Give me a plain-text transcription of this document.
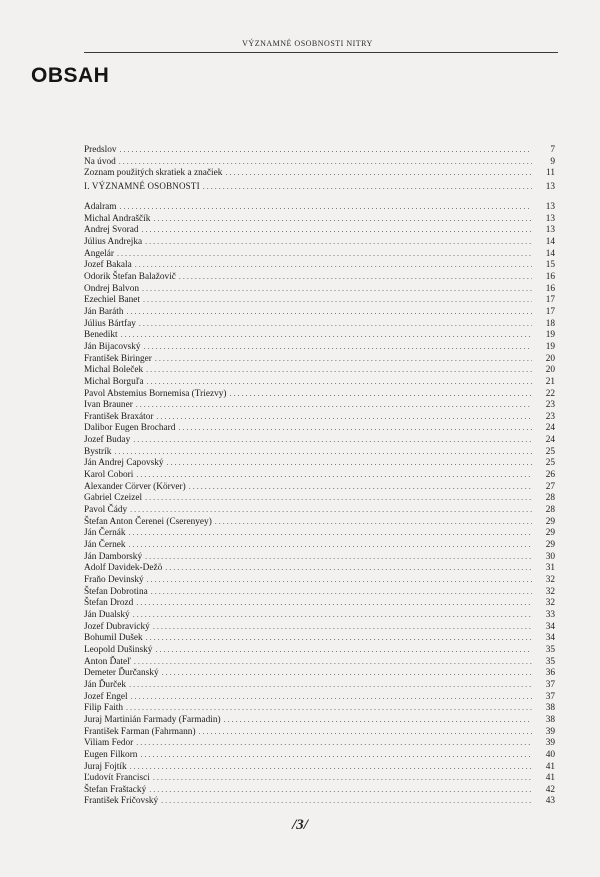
VÝZNAMNÉ OSOBNOSTI NITRY
OBSAH
Predslov . . .	7
Na úvod . . .	9
Zoznam použitých skratiek a značiek . . .	11
I. VÝZNAMNÉ OSOBNOSTI . . .	13
Adalram . . .	13
Michal Andraščík . . .	13
Andrej Svorad . . .	13
Július Andrejka . . .	14
Angelár . . .	14
Jozef Bakala . . .	15
Odorik Štefan Balažovič . . .	16
Ondrej Balvon . . .	16
Ezechiel Banet . . .	17
Ján Baráth . . .	17
Július Bártfay . . .	18
Benedikt . . .	19
Ján Bijacovský . . .	19
František Biringer . . .	20
Michal Boleček . . .	20
Michal Borguľa . . .	21
Pavol Abstemius Bornemisa (Triezvy) . . .	22
Ivan Brauner . . .	23
František Braxátor . . .	23
Dalibor Eugen Brochard . . .	24
Jozef Buday . . .	24
Bystrík . . .	25
Ján Andrej Capovský . . .	25
Karol Cobori . . .	26
Alexander Cörver (Körver) . . .	27
Gabriel Czeizel . . .	28
Pavol Čády . . .	28
Štefan Anton Čerenei (Cserenyey) . . .	29
Ján Černák . . .	29
Ján Černek . . .	29
Ján Damborský . . .	30
Adolf Davidek-Dežö . . .	31
Fraňo Devinský . . .	32
Štefan Dobrotina . . .	32
Štefan Drozd . . .	32
Ján Dualský . . .	33
Jozef Dubravický . . .	34
Bohumil Dušek . . .	34
Leopold Dušinský . . .	35
Anton Ďateľ . . .	35
Demeter Ďurčanský . . .	36
Ján Ďurček . . .	37
Jozef Engel . . .	37
Filip Faith . . .	38
Juraj Martinián Farmady (Farmadin) . . .	38
František Farman (Fahrmann) . . .	39
Viliam Fedor . . .	39
Eugen Filkorn . . .	40
Juraj Fojtík . . .	41
Ľudovít Francisci . . .	41
Štefan Fraštacký . . .	42
František Fričovský . . .	43
/3/
